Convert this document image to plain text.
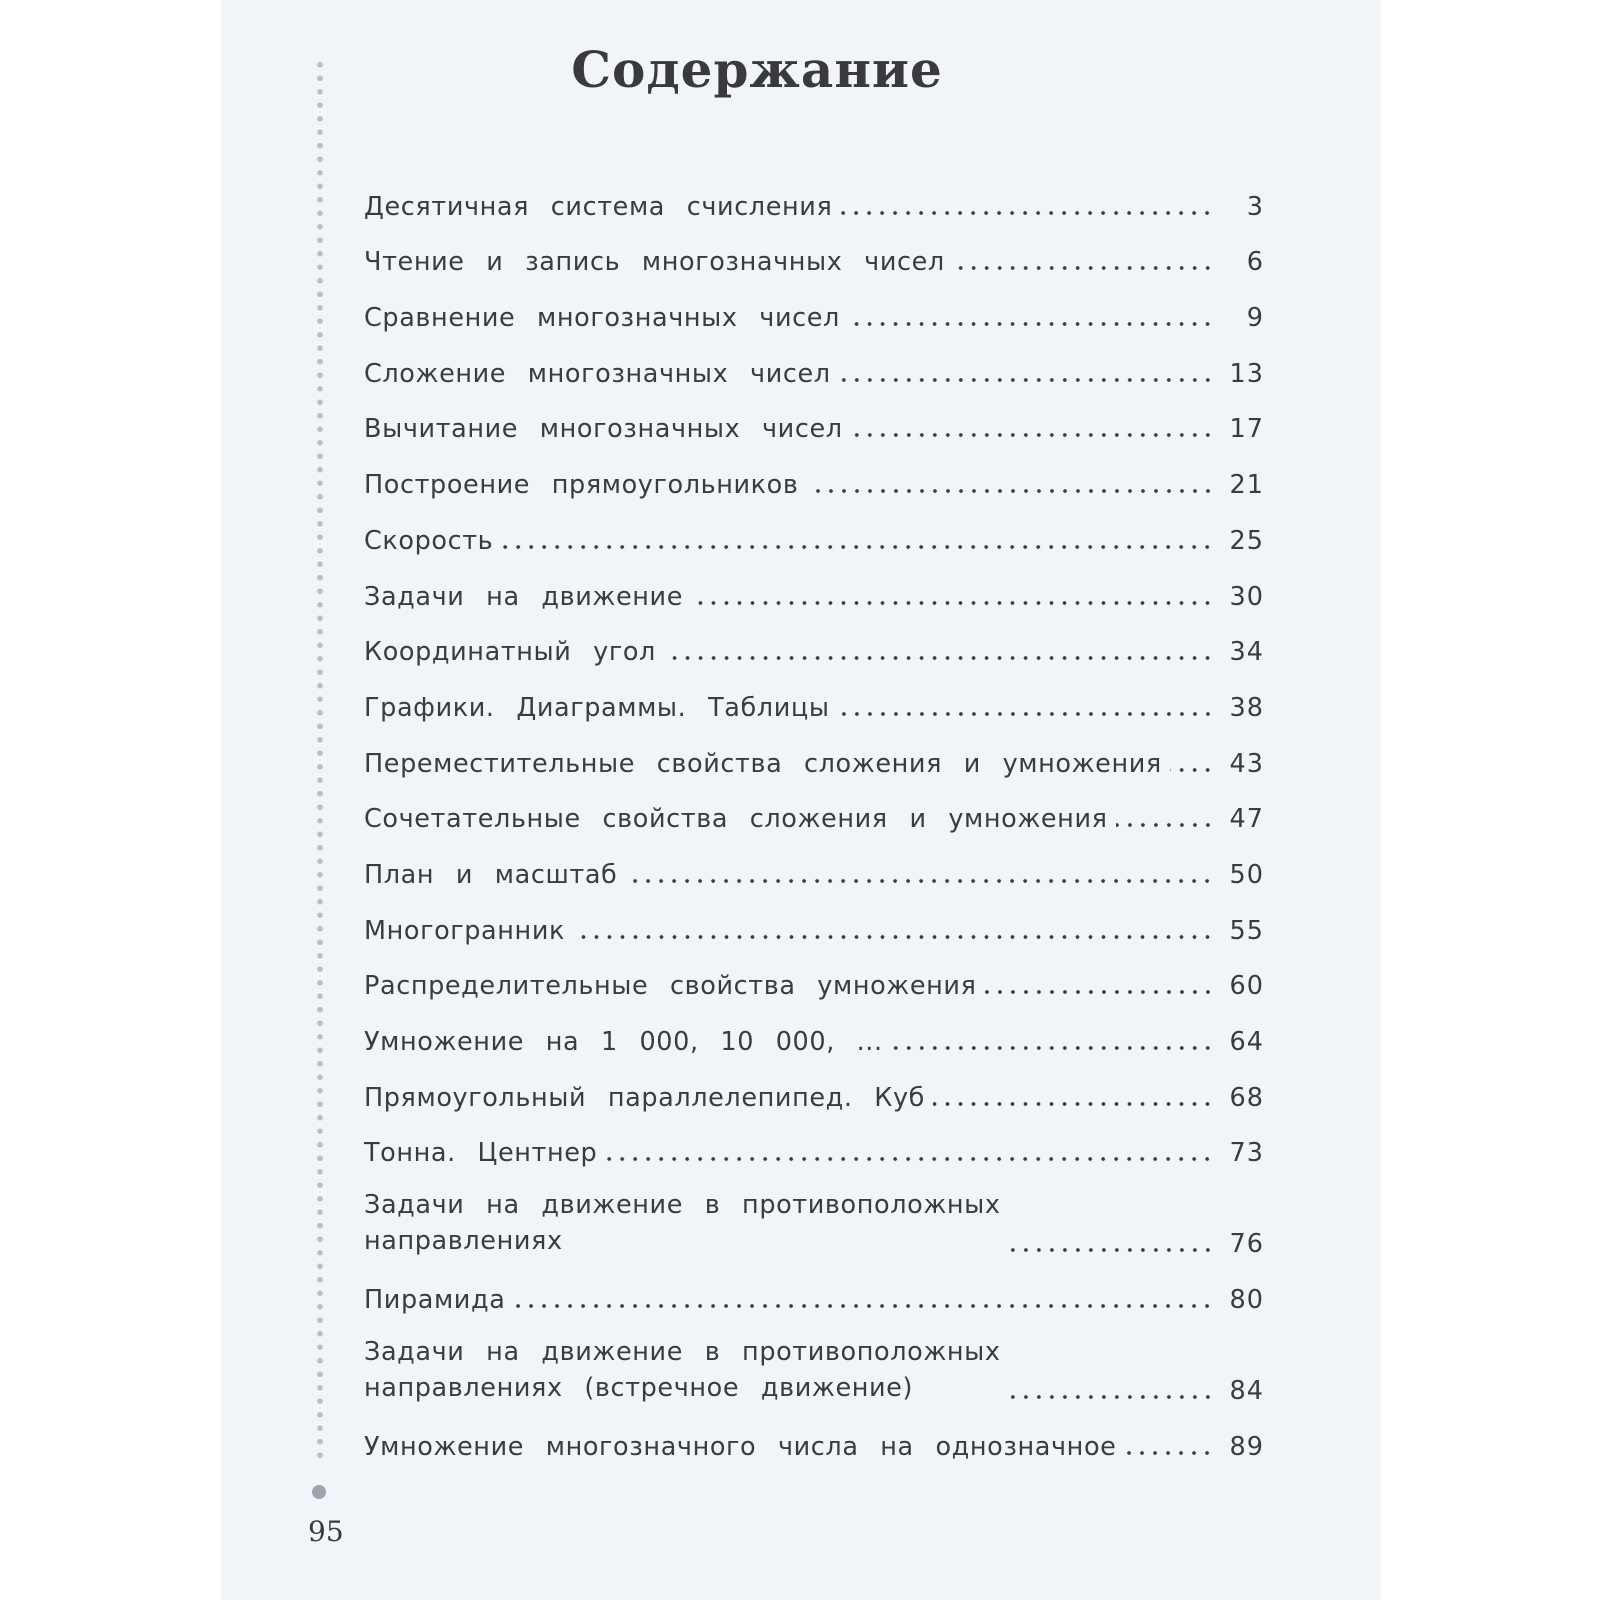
Содержание
Десятичная система счисления	3
Чтение и запись многозначных чисел	6
Сравнение многозначных чисел	9
Сложение многозначных чисел	13
Вычитание многозначных чисел	17
Построение прямоугольников	21
Скорость	25
Задачи на движение	30
Координатный угол	34
Графики. Диаграммы. Таблицы	38
Переместительные свойства сложения и умножения	43
Сочетательные свойства сложения и умножения	47
План и масштаб	50
Многогранник	55
Распределительные свойства умножения	60
Умножение на 1 000, 10 000, ...	64
Прямоугольный параллелепипед. Куб	68
Тонна. Центнер	73
Задачи на движение в противоположных
направлениях	76
Пирамида	80
Задачи на движение в противоположных
направлениях (встречное движение)	84
Умножение многозначного числа на однозначное	89
95
